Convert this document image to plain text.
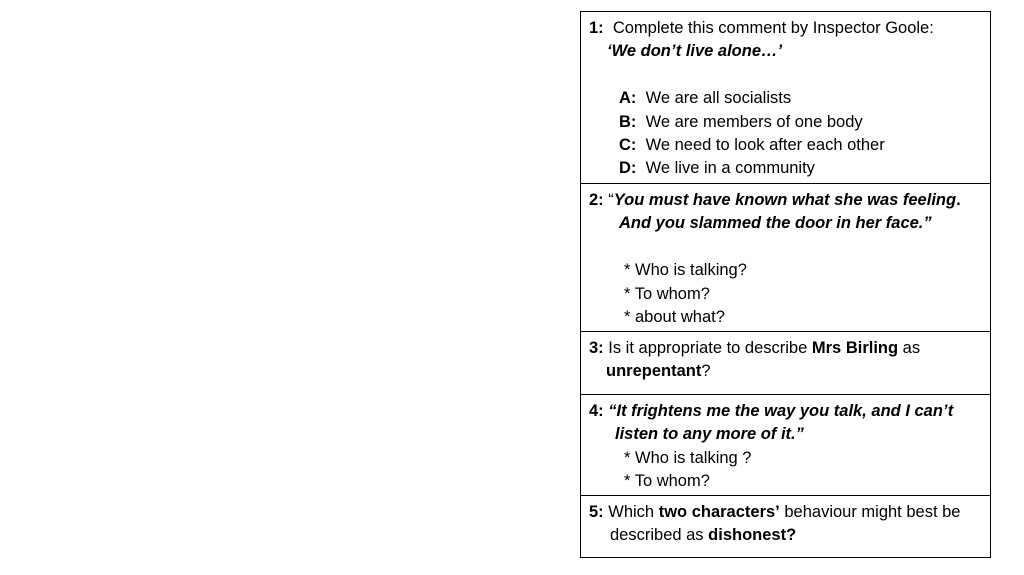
1: Complete this comment by Inspector Goole:
‘We don’t live alone…’
A: We are all socialists
B: We are members of one body
C: We need to look after each other
D: We live in a community
2: “You must have known what she was feeling.
And you slammed the door in her face.”
* Who is talking?
* To whom?
* about what?
3: Is it appropriate to describe Mrs Birling as
unrepentant?
4: “It frightens me the way you talk, and I can’t
listen to any more of it.”
* Who is talking ?
* To whom?
5: Which two characters’ behaviour might best be
described as dishonest?
